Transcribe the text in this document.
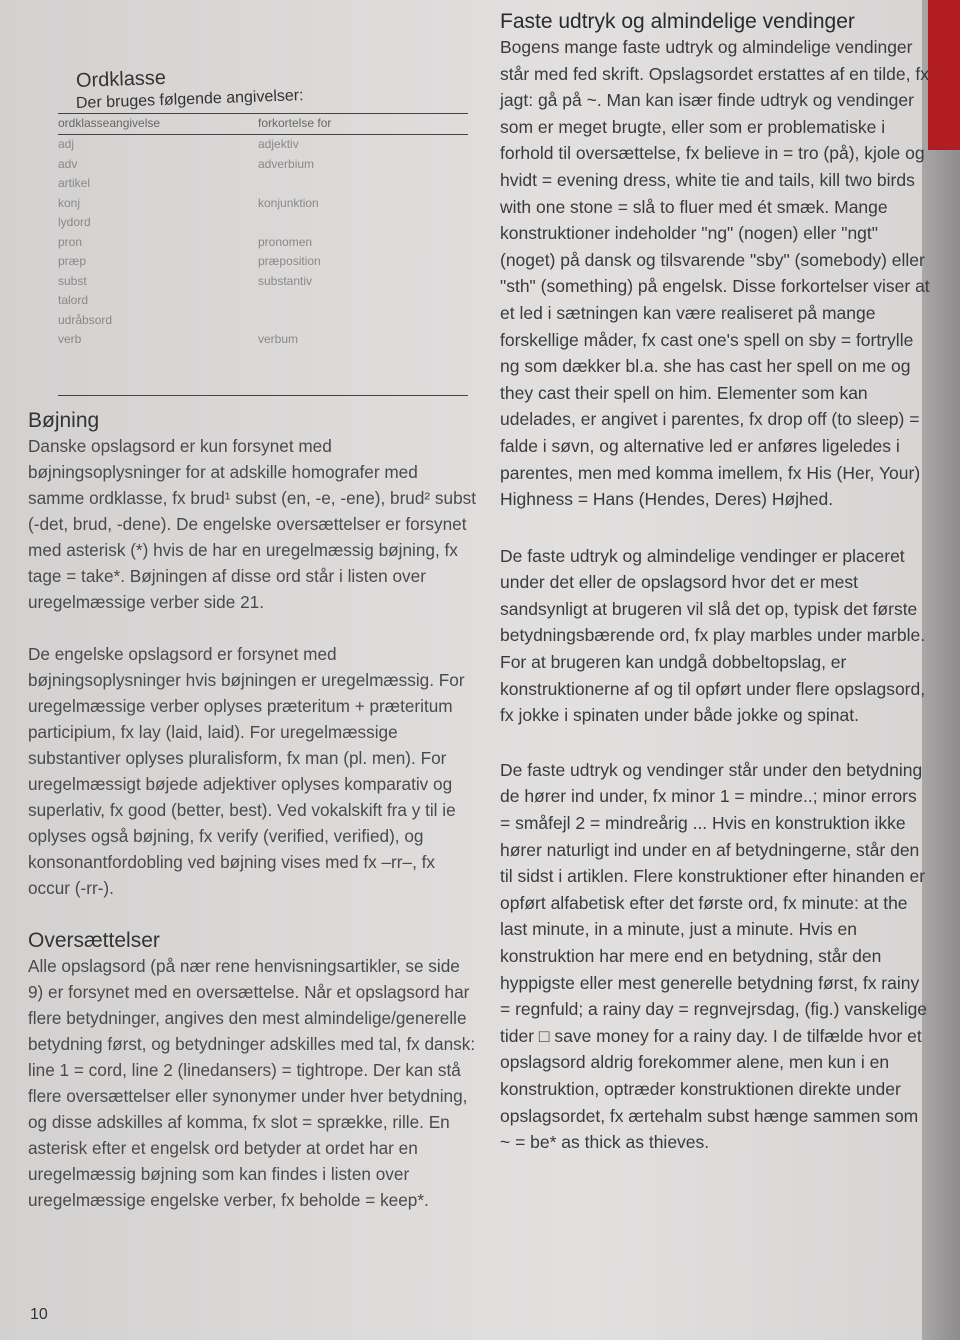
Ordklasse
Der bruges følgende angivelser:
ordklasseangivelse	forkortelse for
adj	adjektiv
adv	adverbium
artikel
konj	konjunktion
lydord
pron	pronomen
præp	præposition
subst	substantiv
talord
udråbsord
verb	verbum
Bøjning

Danske opslagsord er kun forsynet med bøjningsoplysninger for at adskille homografer med samme ordklasse, fx brud¹ subst (en, -e, -ene), brud² subst (-det, brud, -dene). De engelske oversættelser er forsynet med asterisk (*) hvis de har en uregelmæssig bøjning, fx tage = take*. Bøjningen af disse ord står i listen over uregelmæssige verber side 21.

De engelske opslagsord er forsynet med bøjningsoplysninger hvis bøjningen er uregelmæssig. For uregelmæssige verber oplyses præteritum + præteritum participium, fx lay (laid, laid). For uregelmæssige substantiver oplyses pluralisform, fx man (pl. men). For uregelmæssigt bøjede adjektiver oplyses komparativ og superlativ, fx good (better, best). Ved vokalskift fra y til ie oplyses også bøjning, fx verify (verified, verified), og konsonantfordobling ved bøjning vises med fx –rr–, fx occur (-rr-).

Oversættelser

Alle opslagsord (på nær rene henvisningsartikler, se side 9) er forsynet med en oversættelse. Når et opslagsord har flere betydninger, angives den mest almindelige/generelle betydning først, og betydninger adskilles med tal, fx dansk: line 1 = cord, line 2 (linedansers) = tightrope. Der kan stå flere oversættelser eller synonymer under hver betydning, og disse adskilles af komma, fx slot = sprække, rille. En asterisk efter et engelsk ord betyder at ordet har en uregelmæssig bøjning som kan findes i listen over uregelmæssige engelske verber, fx beholde = keep*.

Faste udtryk og almindelige vendinger

Bogens mange faste udtryk og almindelige vendinger står med fed skrift. Opslagsordet erstattes af en tilde, fx jagt: gå på ~. Man kan især finde udtryk og vendinger som er meget brugte, eller som er problematiske i forhold til oversættelse, fx believe in = tro (på), kjole og hvidt = evening dress, white tie and tails, kill two birds with one stone = slå to fluer med ét smæk. Mange konstruktioner indeholder "ng" (nogen) eller "ngt" (noget) på dansk og tilsvarende "sby" (somebody) eller "sth" (something) på engelsk. Disse forkortelser viser at et led i sætningen kan være realiseret på mange forskellige måder, fx cast one's spell on sby = fortrylle ng som dækker bl.a. she has cast her spell on me og they cast their spell on him. Elementer som kan udelades, er angivet i parentes, fx drop off (to sleep) = falde i søvn, og alternative led er anføres ligeledes i parentes, men med komma imellem, fx His (Her, Your) Highness = Hans (Hendes, Deres) Højhed.

De faste udtryk og almindelige vendinger er placeret under det eller de opslagsord hvor det er mest sandsynligt at brugeren vil slå det op, typisk det første betydningsbærende ord, fx play marbles under marble. For at brugeren kan undgå dobbeltopslag, er konstruktionerne af og til opført under flere opslagsord, fx jokke i spinaten under både jokke og spinat.

De faste udtryk og vendinger står under den betydning de hører ind under, fx minor 1 = mindre..; minor errors = småfejl 2 = mindreårig ... Hvis en konstruktion ikke hører naturligt ind under en af betydningerne, står den til sidst i artiklen. Flere konstruktioner efter hinanden er opført alfabetisk efter det første ord, fx minute: at the last minute, in a minute, just a minute. Hvis en konstruktion har mere end en betydning, står den hyppigste eller mest generelle betydning først, fx rainy = regnfuld; a rainy day = regnvejrsdag, (fig.) vanskelige tider □ save money for a rainy day. I de tilfælde hvor et opslagsord aldrig forekommer alene, men kun i en konstruktion, optræder konstruktionen direkte under opslagsordet, fx ærtehalm subst hænge sammen som ~ = be* as thick as thieves.

10
